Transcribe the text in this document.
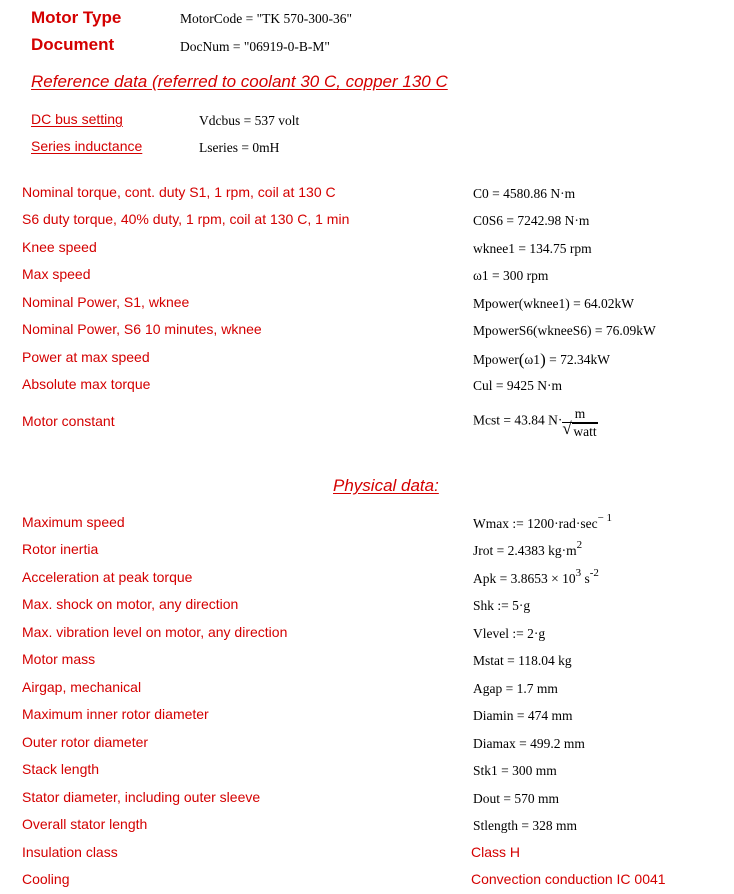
Motor Type	MotorCode = "TK 570-300-36"
Document	DocNum = "06919-0-B-M"
Reference data (referred to coolant 30 C, copper 130 C
DC bus setting	Vdcbus = 537 volt
Series inductance	Lseries = 0mH
Nominal torque, cont. duty S1, 1 rpm, coil at 130 C	C0 = 4580.86 N·m
S6 duty torque, 40% duty, 1 rpm, coil at 130 C, 1 min	C0S6 = 7242.98 N·m
Knee speed	wknee1 = 134.75 rpm
Max speed	ω1 = 300 rpm
Nominal Power, S1, wknee	Mpower(wknee1) = 64.02kW
Nominal Power, S6 10 minutes, wknee	MpowerS6(wkneeS6) = 76.09kW
Power at max speed	Mpower(ω1) = 72.34kW
Absolute max torque	Cul = 9425 N·m
Motor constant	Mcst = 43.84 $N\cdot \frac{m}{\text{√ watt}}$
Physical data:
Maximum speed	Wmax := $1200\cdot rad\cdot\sec^{- 1}$
Rotor inertia	Jrot = 2.4383 $kg\cdot m^2$
Acceleration at peak torque	Apk = $3.8653 \times 10^3$ $s^{-2}$
Max. shock on motor, any direction	Shk := 5·g
Max. vibration level on motor, any direction	Vlevel := 2·g
Motor mass	Mstat = 118.04 kg
Airgap, mechanical	Agap = 1.7 mm
Maximum inner rotor diameter	Diamin = 474 mm
Outer rotor diameter	Diamax = 499.2 mm
Stack length	Stk1 = 300 mm
Stator diameter, including outer sleeve	Dout = 570 mm
Overall stator length	Stlength = 328 mm
Insulation class	Class H
Cooling	Convection conduction IC 0041
